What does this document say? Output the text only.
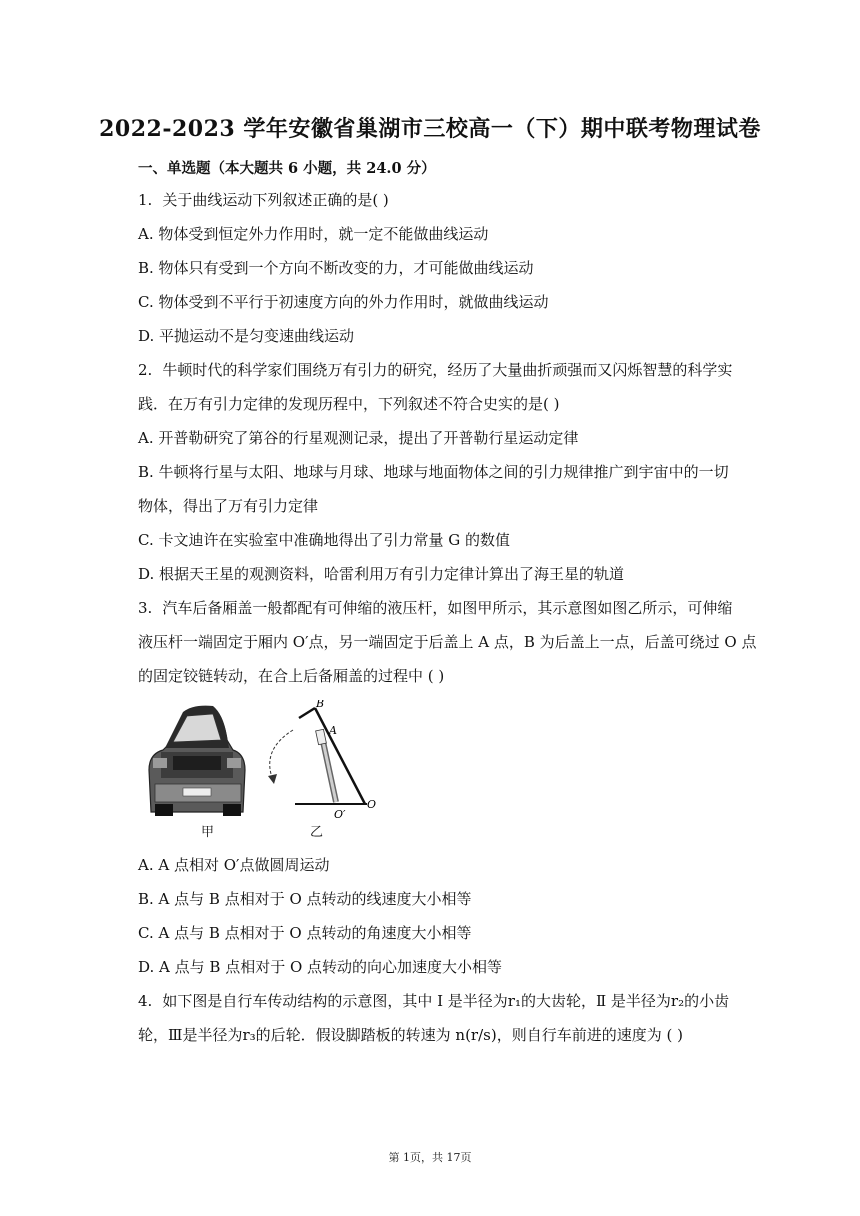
2022-2023 学年安徽省巢湖市三校高一（下）期中联考物理试卷
一、单选题（本大题共 6 小题，共 24.0 分）
1. 关于曲线运动下列叙述正确的是( )
A. 物体受到恒定外力作用时，就一定不能做曲线运动
B. 物体只有受到一个方向不断改变的力，才可能做曲线运动
C. 物体受到不平行于初速度方向的外力作用时，就做曲线运动
D. 平抛运动不是匀变速曲线运动
2. 牛顿时代的科学家们围绕万有引力的研究，经历了大量曲折顽强而又闪烁智慧的科学实
践．在万有引力定律的发现历程中，下列叙述不符合史实的是( )
A. 开普勒研究了第谷的行星观测记录，提出了开普勒行星运动定律
B. 牛顿将行星与太阳、地球与月球、地球与地面物体之间的引力规律推广到宇宙中的一切
物体，得出了万有引力定律
C. 卡文迪许在实验室中准确地得出了引力常量 G 的数值
D. 根据天王星的观测资料，哈雷利用万有引力定律计算出了海王星的轨道
3. 汽车后备厢盖一般都配有可伸缩的液压杆，如图甲所示，其示意图如图乙所示，可伸缩
液压杆一端固定于厢内 O′点，另一端固定于后盖上 A 点，B 为后盖上一点，后盖可绕过 O 点
的固定铰链转动，在合上后备厢盖的过程中 ( )
B
A
O′
O
甲	乙
A. A 点相对 O′点做圆周运动
B. A 点与 B 点相对于 O 点转动的线速度大小相等
C. A 点与 B 点相对于 O 点转动的角速度大小相等
D. A 点与 B 点相对于 O 点转动的向心加速度大小相等
4. 如下图是自行车传动结构的示意图，其中 Ⅰ 是半径为r₁的大齿轮，Ⅱ 是半径为r₂的小齿
轮，Ⅲ是半径为r₃的后轮．假设脚踏板的转速为 n(r/s)，则自行车前进的速度为 ( )
第 1页，共 17页
